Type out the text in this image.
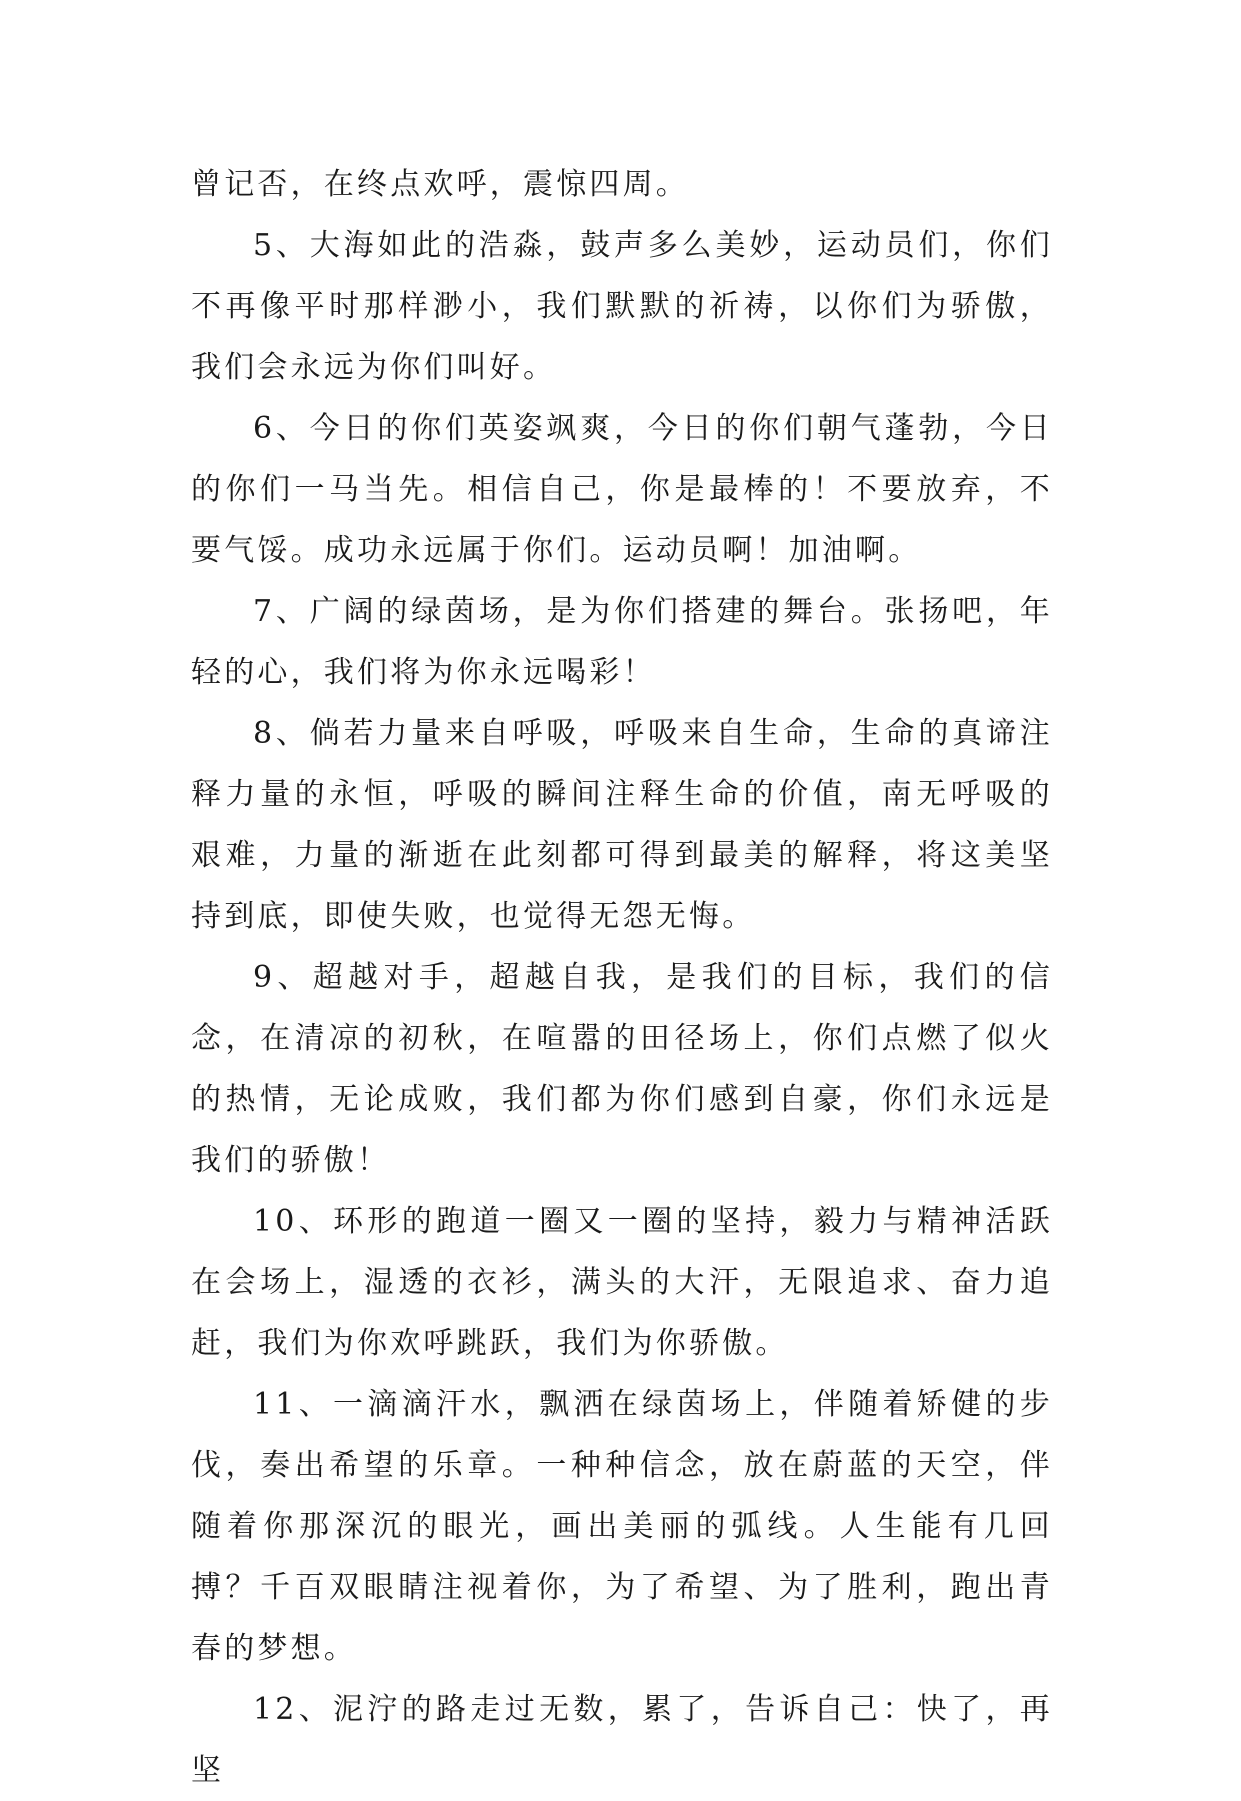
曾记否，在终点欢呼，震惊四周。

5、大海如此的浩淼，鼓声多么美妙，运动员们，你们不再像平时那样渺小，我们默默的祈祷，以你们为骄傲，我们会永远为你们叫好。

6、今日的你们英姿飒爽，今日的你们朝气蓬勃，今日的你们一马当先。相信自己，你是最棒的！不要放弃，不要气馁。成功永远属于你们。运动员啊！加油啊。

7、广阔的绿茵场，是为你们搭建的舞台。张扬吧，年轻的心，我们将为你永远喝彩！

8、倘若力量来自呼吸，呼吸来自生命，生命的真谛注释力量的永恒，呼吸的瞬间注释生命的价值，南无呼吸的艰难，力量的渐逝在此刻都可得到最美的解释，将这美坚持到底，即使失败，也觉得无怨无悔。

9、超越对手，超越自我，是我们的目标，我们的信念，在清凉的初秋，在喧嚣的田径场上，你们点燃了似火的热情，无论成败，我们都为你们感到自豪，你们永远是我们的骄傲！

10、环形的跑道一圈又一圈的坚持，毅力与精神活跃在会场上，湿透的衣衫，满头的大汗，无限追求、奋力追赶，我们为你欢呼跳跃，我们为你骄傲。

11、一滴滴汗水，飘洒在绿茵场上，伴随着矫健的步伐，奏出希望的乐章。一种种信念，放在蔚蓝的天空，伴随着你那深沉的眼光，画出美丽的弧线。人生能有几回搏？千百双眼睛注视着你，为了希望、为了胜利，跑出青春的梦想。

12、泥泞的路走过无数，累了，告诉自己：快了，再坚
